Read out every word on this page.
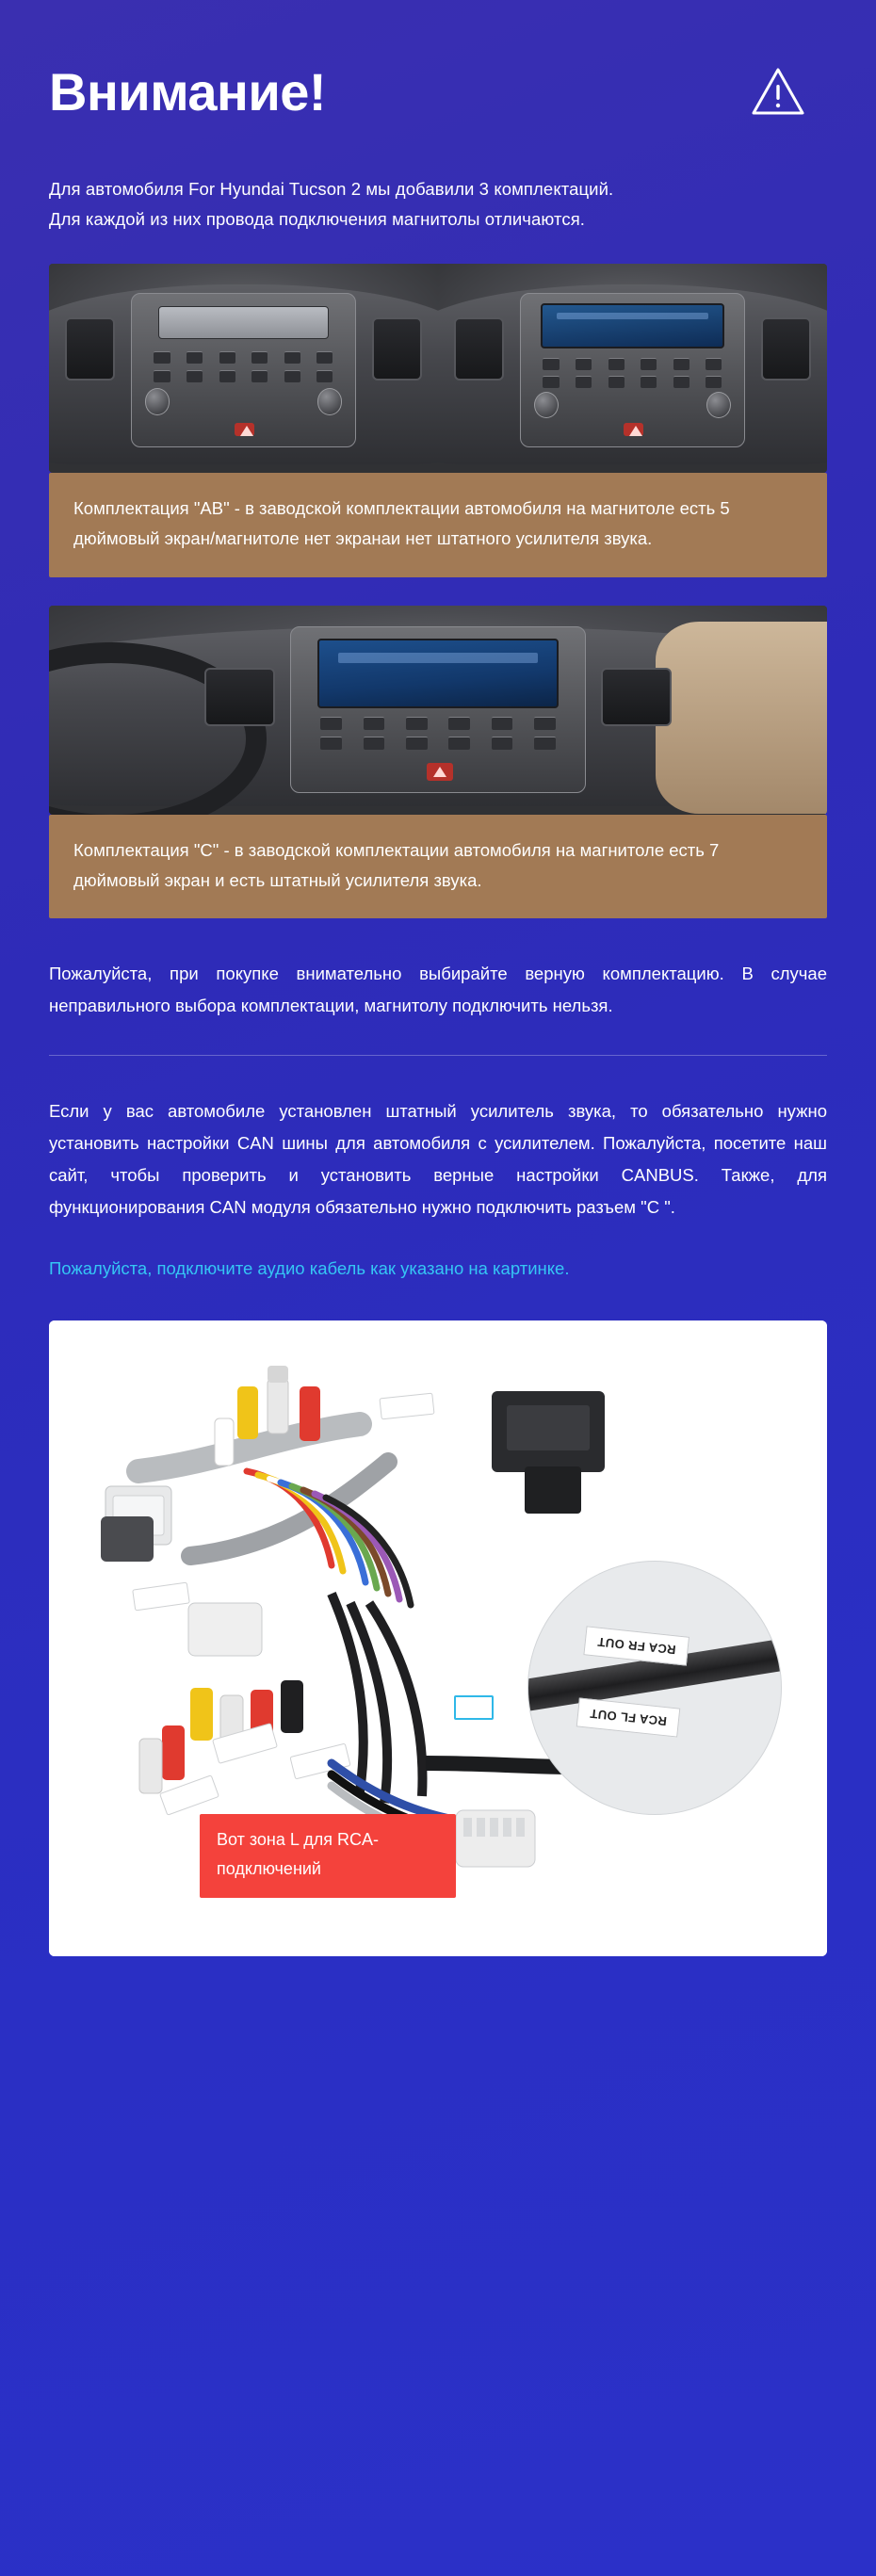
Внимание!
Для автомобиля For Hyundai Tucson 2 мы добавили 3 комплектаций.
Для каждой из них провода подключения магнитолы отличаются.
Комплектация "АВ" - в заводской комплектации автомобиля на магнитоле есть 5 дюймовый экран/магнитоле нет экранаи нет штатного усилителя звука.
Комплектация "C" - в заводской комплектации автомобиля на магнитоле есть 7 дюймовый экран и есть штатный усилителя звука.
Пожалуйста, при покупке внимательно выбирайте верную комплектацию. В случае неправильного выбора комплектации, магнитолу подключить нельзя.
Если у вас автомобиле установлен штатный усилитель звука, то обязательно нужно установить настройки CAN шины для автомобиля с усилителем. Пожалуйста, посетите наш сайт, чтобы проверить и установить верные настройки CANBUS. Также, для функционирования CAN модуля обязательно нужно подключить разъем "C ".
Пожалуйста, подключите аудио кабель как указано на картинке.
RCA FR OUT
RCA FL OUT
Вот зона L для RCA-подключений
